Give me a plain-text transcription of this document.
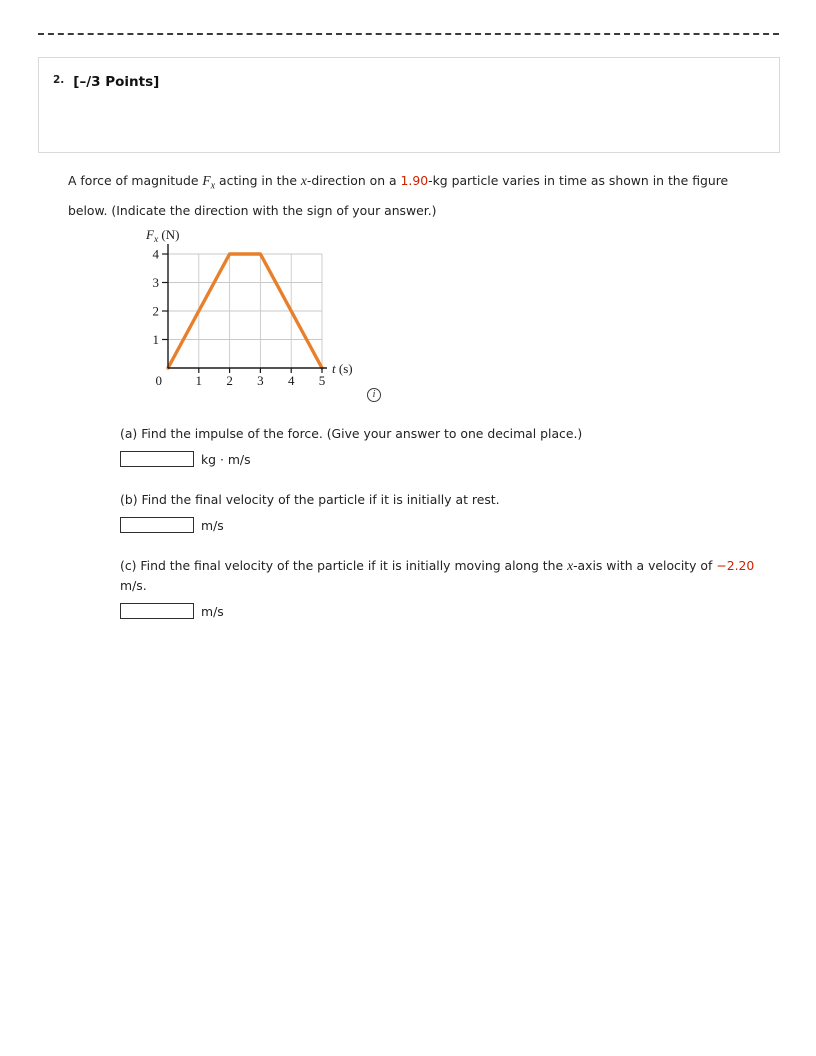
2. [–/3 Points]
A force of magnitude $F_x$ acting in the x-direction on a 1.90-kg particle varies in time as shown in the figure below. (Indicate the direction with the sign of your answer.)
1
2
3
4
1 2 3 4 5
0
$F_x$ (N)
t (s)
i
(a) Find the impulse of the force. (Give your answer to one decimal place.)
kg · m/s
(b) Find the final velocity of the particle if it is initially at rest.
m/s
(c) Find the final velocity of the particle if it is initially moving along the x-axis with a velocity of −2.20 m/s.
m/s
